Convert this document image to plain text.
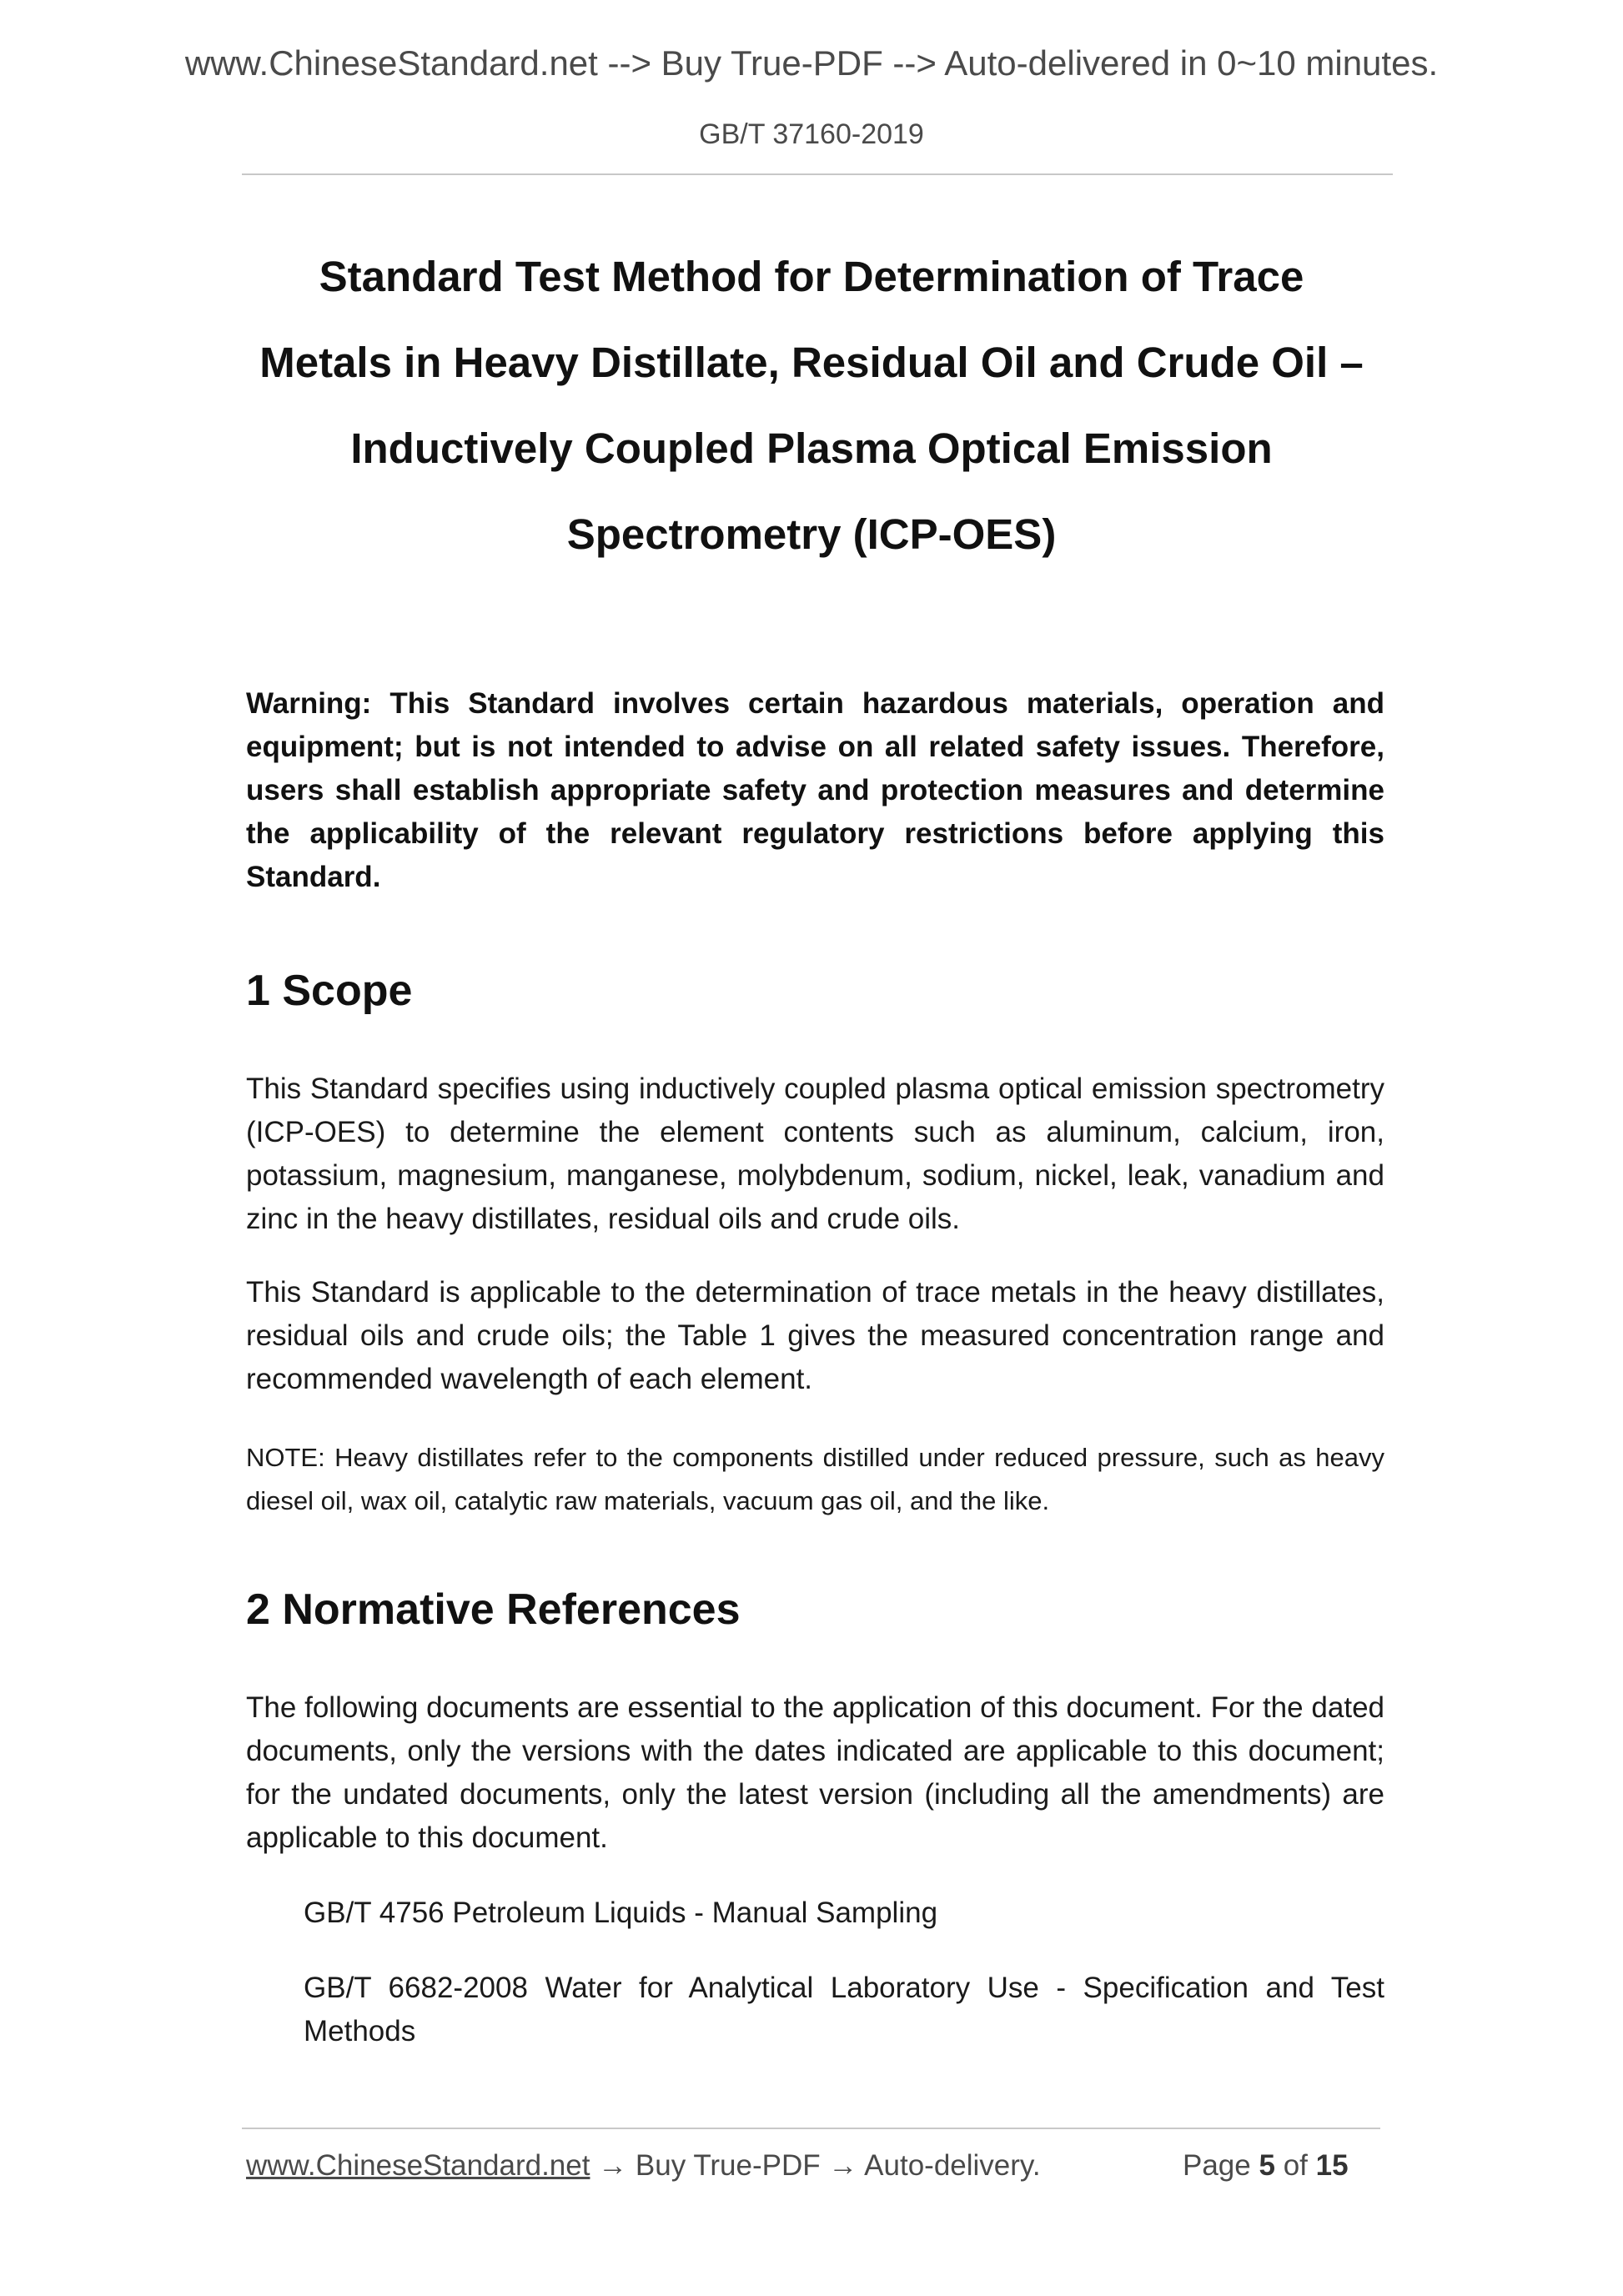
www.ChineseStandard.net --> Buy True-PDF --> Auto-delivered in 0~10 minutes.
GB/T 37160-2019
Standard Test Method for Determination of Trace
Metals in Heavy Distillate, Residual Oil and Crude Oil –
Inductively Coupled Plasma Optical Emission
Spectrometry (ICP-OES)
Warning: This Standard involves certain hazardous materials, operation and equipment; but is not intended to advise on all related safety issues. Therefore, users shall establish appropriate safety and protection measures and determine the applicability of the relevant regulatory restrictions before applying this Standard.
1 Scope
This Standard specifies using inductively coupled plasma optical emission spectrometry (ICP-OES) to determine the element contents such as aluminum, calcium, iron, potassium, magnesium, manganese, molybdenum, sodium, nickel, leak, vanadium and zinc in the heavy distillates, residual oils and crude oils.
This Standard is applicable to the determination of trace metals in the heavy distillates, residual oils and crude oils; the Table 1 gives the measured concentration range and recommended wavelength of each element.
NOTE: Heavy distillates refer to the components distilled under reduced pressure, such as heavy diesel oil, wax oil, catalytic raw materials, vacuum gas oil, and the like.
2 Normative References
The following documents are essential to the application of this document. For the dated documents, only the versions with the dates indicated are applicable to this document; for the undated documents, only the latest version (including all the amendments) are applicable to this document.
GB/T 4756 Petroleum Liquids - Manual Sampling
GB/T 6682-2008 Water for Analytical Laboratory Use - Specification and Test Methods
www.ChineseStandard.net → Buy True-PDF → Auto-delivery.	Page 5 of 15
